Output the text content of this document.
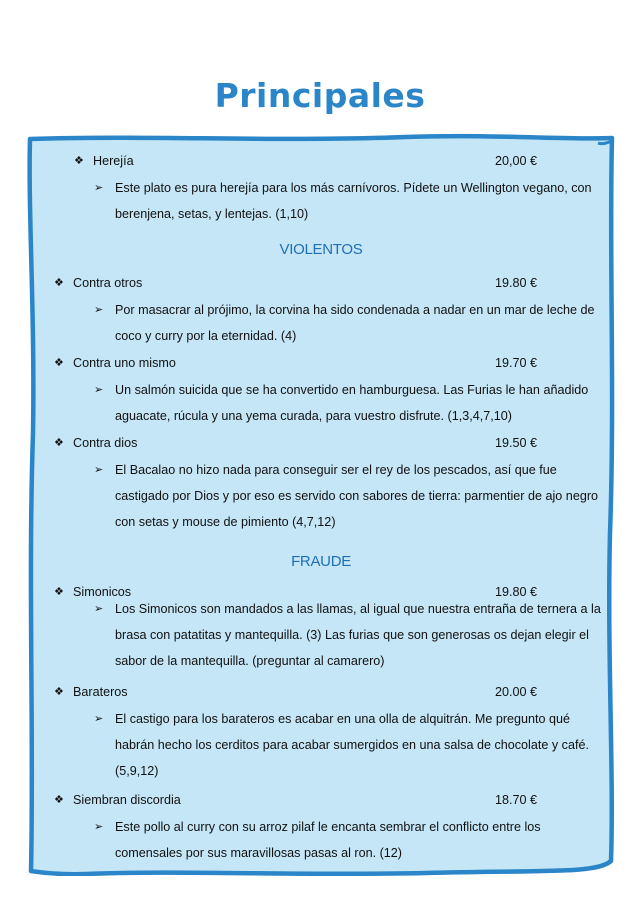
Principales
❖ Herejía	20,00 €
➢ Este plato es pura herejía para los más carnívoros. Pídete un Wellington vegano, con berenjena, setas, y lentejas. (1,10)
VIOLENTOS
❖ Contra otros	19.80 €
➢ Por masacrar al prójimo, la corvina ha sido condenada a nadar en un mar de leche de coco y curry por la eternidad. (4)
❖ Contra uno mismo	19.70 €
➢ Un salmón suicida que se ha convertido en hamburguesa. Las Furias le han añadido aguacate, rúcula y una yema curada, para vuestro disfrute. (1,3,4,7,10)
❖ Contra dios	19.50 €
➢ El Bacalao no hizo nada para conseguir ser el rey de los pescados, así que fue castigado por Dios y por eso es servido con sabores de tierra: parmentier de ajo negro con setas y mouse de pimiento (4,7,12)
FRAUDE
❖ Simonicos	19.80 €
➢ Los Simonicos son mandados a las llamas, al igual que nuestra entraña de ternera a la brasa con patatitas y mantequilla. (3) Las furias que son generosas os dejan elegir el sabor de la mantequilla. (preguntar al camarero)
❖ Barateros	20.00 €
➢ El castigo para los barateros es acabar en una olla de alquitrán. Me pregunto qué habrán hecho los cerditos para acabar sumergidos en una salsa de chocolate y café. (5,9,12)
❖ Siembran discordia	18.70 €
➢ Este pollo al curry con su arroz pilaf le encanta sembrar el conflicto entre los comensales por sus maravillosas pasas al ron. (12)
